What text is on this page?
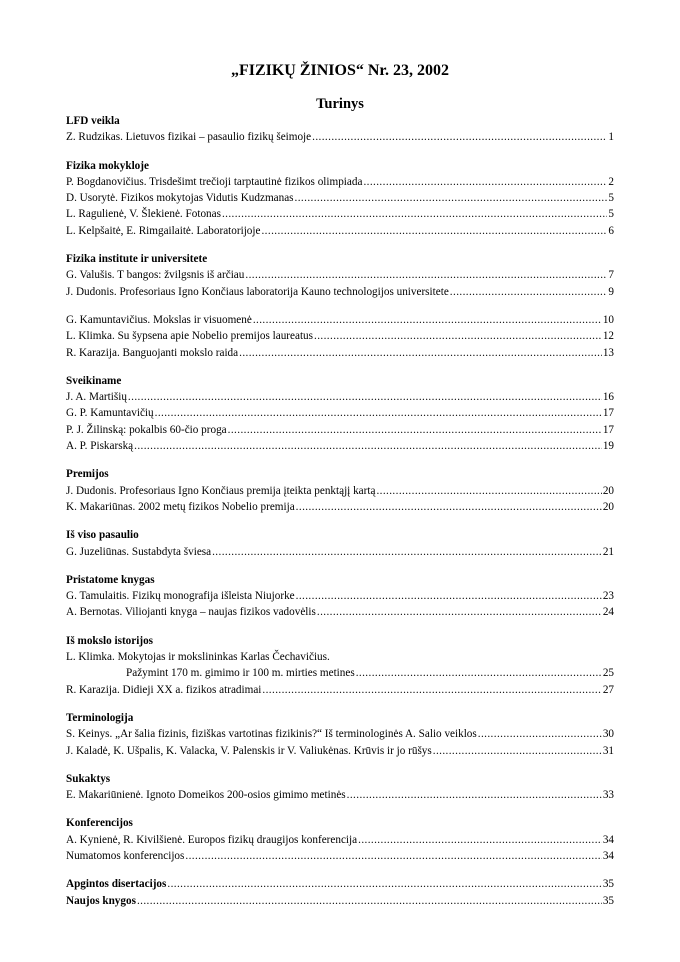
„FIZIKŲ ŽINIOS“ Nr. 23, 2002
Turinys
LFD veikla
Z. Rudzikas. Lietuvos fizikai – pasaulio fizikų šeimoje .....	1
Fizika mokykloje
P. Bogdanovičius. Trisdešimt trečioji tarptautinė fizikos olimpiada .....	2
D. Usorytė. Fizikos mokytojas Vidutis Kudzmanas .....	5
L. Ragulienė, V. Šlekienė. Fotonas .....	5
L. Kelpšaitė, E. Rimgailaitė. Laboratorijoje .....	6
Fizika institute ir universitete
G. Valušis. T bangos: žvilgsnis iš arčiau .....	7
J. Dudonis. Profesoriaus Igno Končiaus laboratorija Kauno technologijos universitete .....	9
G. Kamuntavičius. Mokslas ir visuomenė .....	10
L. Klimka. Su šypsena apie Nobelio premijos laureatus .....	12
R. Karazija. Banguojanti mokslo raida .....	13
Sveikiname
J. A. Martišių .....	16
G. P. Kamuntavičių .....	17
P. J. Žilinską: pokalbis 60-čio proga .....	17
A. P. Piskarską .....	19
Premijos
J. Dudonis. Profesoriaus Igno Končiaus premija įteikta penktąjį kartą .....	20
K. Makariūnas. 2002 metų fizikos Nobelio premija .....	20
Iš viso pasaulio
G. Juzeliūnas. Sustabdyta šviesa .....	21
Pristatome knygas
G. Tamulaitis. Fizikų monografija išleista Niujorke .....	23
A. Bernotas. Viliojanti knyga – naujas fizikos vadovėlis .....	24
Iš mokslo istorijos
L. Klimka. Mokytojas ir mokslininkas Karlas Čechavičius.
Pažymint 170 m. gimimo ir 100 m. mirties metines .....	25
R. Karazija. Didieji XX a. fizikos atradimai .....	27
Terminologija
S. Keinys. „Ar šalia fizinis, fiziškas vartotinas fizikinis?“ Iš terminologinės A. Salio veiklos .....	30
J. Kaladė, K. Ušpalis, K. Valacka, V. Palenskis ir V. Valiukėnas. Krūvis ir jo rūšys .....	31
Sukaktys
E. Makariūnienė. Ignoto Domeikos 200-osios gimimo metinės .....	33
Konferencijos
A. Kynienė, R. Kivilšienė. Europos fizikų draugijos konferencija .....	34
Numatomos konferencijos .....	34
Apgintos disertacijos .....	35
Naujos knygos .....	35
